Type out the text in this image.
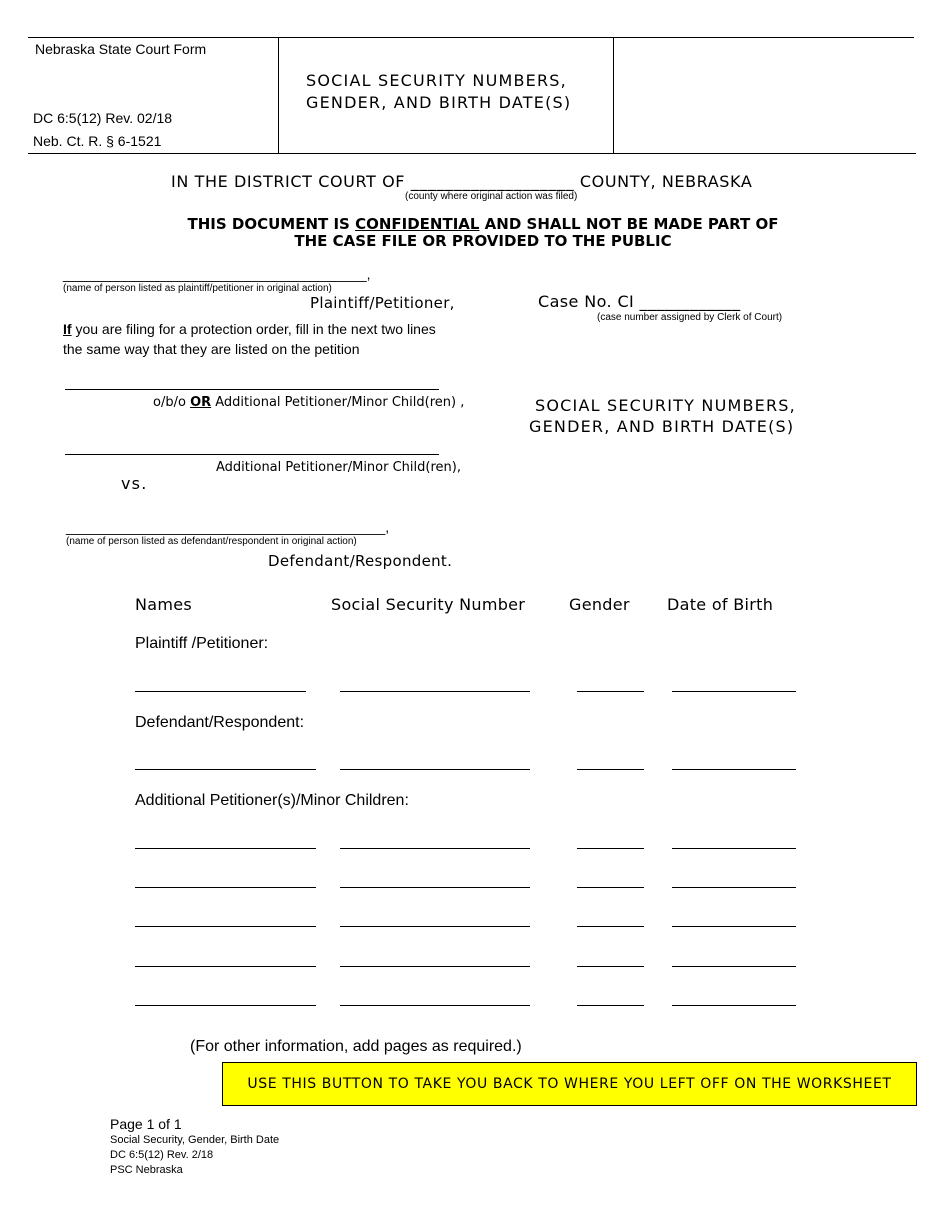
Nebraska State Court Form
DC 6:5(12) Rev. 02/18
Neb. Ct. R. § 6-1521
SOCIAL SECURITY NUMBERS,
GENDER, AND BIRTH DATE(S)
IN THE DISTRICT COURT OF ___________________ COUNTY, NEBRASKA
(county where original action was filed)
THIS DOCUMENT IS CONFIDENTIAL AND SHALL NOT BE MADE PART OF
THE CASE FILE OR PROVIDED TO THE PUBLIC
_______________________________________,
(name of person listed as plaintiff/petitioner in original action)
Plaintiff/Petitioner,
If you are filing for a protection order, fill in the next two lines
the same way that they are listed on the petition
o/b/o OR Additional Petitioner/Minor Child(ren) ,
Additional Petitioner/Minor Child(ren),
vs.
_________________________________________,
(name of person listed as defendant/respondent in original action)
Defendant/Respondent.
Case No. CI ____________
(case number assigned by Clerk of Court)
SOCIAL SECURITY NUMBERS,
GENDER, AND BIRTH DATE(S)
Names	Social Security Number	Gender Date of Birth
Plaintiff /Petitioner:
Defendant/Respondent:
Additional Petitioner(s)/Minor Children:
(For other information, add pages as required.)
USE THIS BUTTON TO TAKE YOU BACK TO WHERE YOU LEFT OFF ON THE WORKSHEET
Page 1 of 1
Social Security, Gender, Birth Date
DC 6:5(12) Rev. 2/18
PSC Nebraska
